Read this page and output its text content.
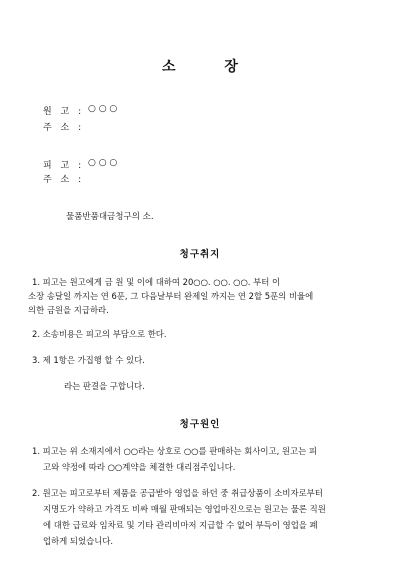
소 장
원 고 : ○ ○ ○
주 소 :
피 고 : ○ ○ ○
주 소 :
물품반품대금청구의 소.
청구취지
1. 피고는 원고에게 금 원 및 이에 대하여 20○○. ○○. ○○. 부터 이
소장 송달일 까지는 연 6푼, 그 다음날부터 완제일 까지는 연 2할 5푼의 비율에
의한 금원을 지급하라.
2. 소송비용은 피고의 부담으로 한다.
3. 제 1항은 가집행 할 수 있다.
라는 판결을 구합니다.
청구원인
1. 피고는 위 소재지에서 ○○라는 상호로 ○○를 판매하는 회사이고, 원고는 피
고와 약정에 따라 ○○계약을 체결한 대리점주입니다.
2. 원고는 피고로부터 제품을 공급받아 영업을 하던 중 취급상품이 소비자로부터
지명도가 약하고 가격도 비싸 매월 판매되는 영업마진으로는 원고는 물론 직원
에 대한 급료와 임차료 및 기타 관리비마저 지급할 수 없어 부득이 영업을 폐
업하게 되었습니다.
